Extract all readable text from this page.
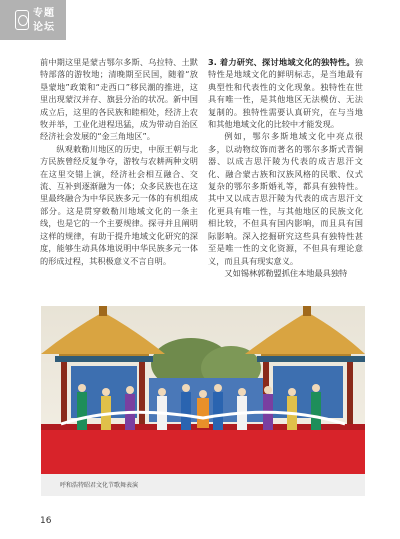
专题
论坛

前中期这里是蒙古鄂尔多斯、乌拉特、土默特部落的游牧地；清晚期至民国，随着“放垦蒙地”政策和“走西口”移民潮的推进，这里出现蒙汉并存、旗县分治的状况。新中国成立后，这里的各民族和睦相处，经济上农牧并举，工业化进程迅猛，成为带动自治区经济社会发展的“金三角地区”。

纵观敕勒川地区的历史，中原王朝与北方民族曾经反复争夺，游牧与农耕两种文明在这里交错上演，经济社会相互融合、交流、互补到逐渐融为一体；众多民族也在这里最终融合为中华民族多元一体的有机组成部分。这是贯穿敕勒川地域文化的一条主线，也是它的一个主要规律。探寻并且阐明这样的规律，有助于提升地域文化研究的深度，能够生动具体地说明中华民族多元一体的形成过程，其积极意义不言自明。

3. 着力研究、探讨地域文化的独特性。独特性是地域文化的鲜明标志，是当地最有典型性和代表性的文化现象。独特性在世具有唯一性，是其他地区无法模仿、无法复制的。独特性需要认真研究，在与当地和其他地域文化的比较中才能发现。

例如，鄂尔多斯地域文化中亮点很多，以动物纹饰而著名的鄂尔多斯式青铜器、以成吉思汗陵为代表的成吉思汗文化、融合蒙古族和汉族风格的民歌、仪式复杂的鄂尔多斯婚礼等，都具有独特性。其中又以成吉思汗陵为代表的成吉思汗文化更具有唯一性，与其他地区的民族文化相比较，不但具有国内影响，而且具有国际影响。深入挖掘研究这些具有独特性甚至是唯一性的文化资源，不但具有理论意义，而且具有现实意义。

又如锡林郭勒盟抓住本地最具独特

呼和浩特昭君文化节歌舞表演
16
